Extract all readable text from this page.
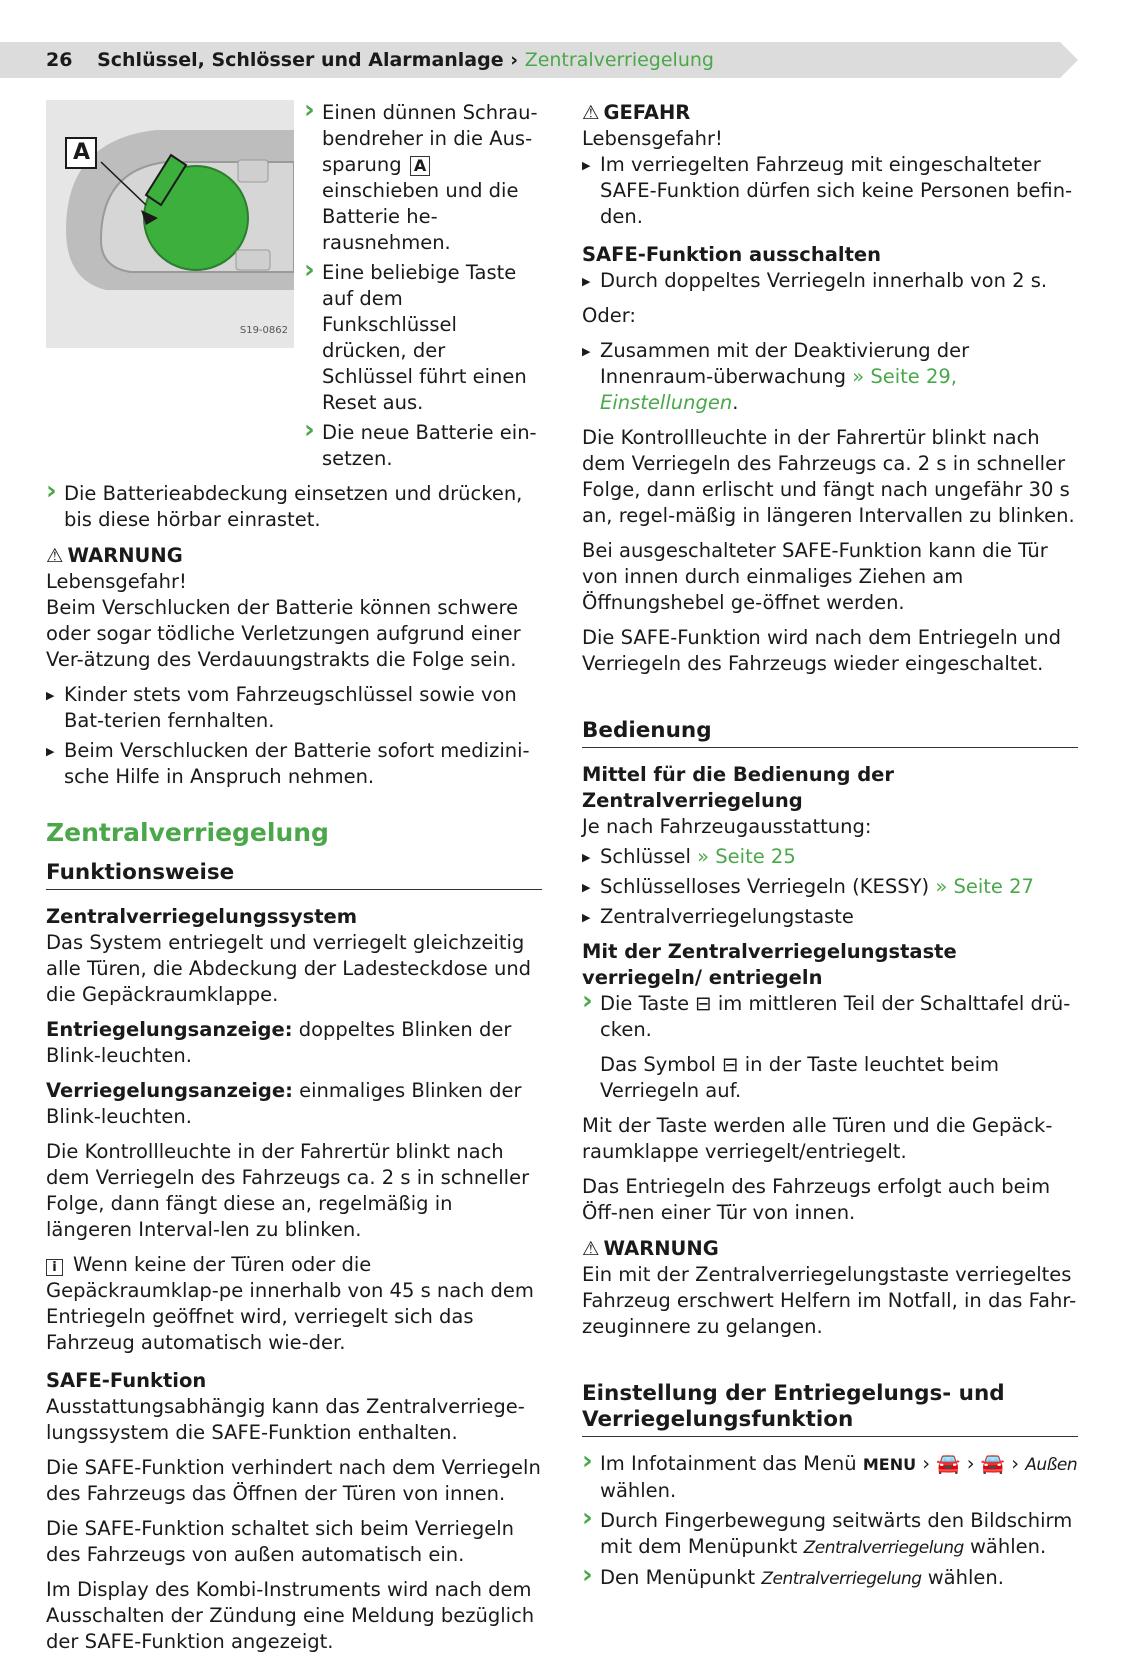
26 Schlüssel, Schlösser und Alarmanlage › Zentralverriegelung
A
S19-0862
› Einen dünnen Schrau-bendreher in die Aus-sparung A einschieben und die Batterie he-rausnehmen.
› Eine beliebige Taste auf dem Funkschlüssel drücken, der Schlüssel führt einen Reset aus.
› Die neue Batterie ein-setzen.
› Die Batterieabdeckung einsetzen und drücken, bis diese hörbar einrastet.
⚠ WARNUNG
Lebensgefahr!

Beim Verschlucken der Batterie können schwere oder sogar tödliche Verletzungen aufgrund einer Ver-ätzung des Verdauungstrakts die Folge sein.

▶ Kinder stets vom Fahrzeugschlüssel sowie von Bat-terien fernhalten.
▶ Beim Verschlucken der Batterie sofort medizini-sche Hilfe in Anspruch nehmen.
Zentralverriegelung
Funktionsweise
Zentralverriegelungssystem

Das System entriegelt und verriegelt gleichzeitig alle Türen, die Abdeckung der Ladesteckdose und die Gepäckraumklappe.

Entriegelungsanzeige: doppeltes Blinken der Blink-leuchten.

Verriegelungsanzeige: einmaliges Blinken der Blink-leuchten.

Die Kontrollleuchte in der Fahrertür blinkt nach dem Verriegeln des Fahrzeugs ca. 2 s in schneller Folge, dann fängt diese an, regelmäßig in längeren Interval-len zu blinken.

i Wenn keine der Türen oder die Gepäckraumklap-pe innerhalb von 45 s nach dem Entriegeln geöffnet wird, verriegelt sich das Fahrzeug automatisch wie-der.

SAFE-Funktion

Ausstattungsabhängig kann das Zentralverriege-lungssystem die SAFE-Funktion enthalten.

Die SAFE-Funktion verhindert nach dem Verriegeln des Fahrzeugs das Öffnen der Türen von innen.

Die SAFE-Funktion schaltet sich beim Verriegeln des Fahrzeugs von außen automatisch ein.

Im Display des Kombi-Instruments wird nach dem Ausschalten der Zündung eine Meldung bezüglich der SAFE-Funktion angezeigt.

⚠ GEFAHR
Lebensgefahr!
▶ Im verriegelten Fahrzeug mit eingeschalteter SAFE-Funktion dürfen sich keine Personen befin-den.
SAFE-Funktion ausschalten
▶ Durch doppeltes Verriegeln innerhalb von 2 s.

Oder:

▶ Zusammen mit der Deaktivierung der Innenraum-überwachung » Seite 29, Einstellungen.

Die Kontrollleuchte in der Fahrertür blinkt nach dem Verriegeln des Fahrzeugs ca. 2 s in schneller Folge, dann erlischt und fängt nach ungefähr 30 s an, regel-mäßig in längeren Intervallen zu blinken.

Bei ausgeschalteter SAFE-Funktion kann die Tür von innen durch einmaliges Ziehen am Öffnungshebel ge-öffnet werden.

Die SAFE-Funktion wird nach dem Entriegeln und Verriegeln des Fahrzeugs wieder eingeschaltet.

Bedienung
Mittel für die Bedienung der Zentralverriegelung
Je nach Fahrzeugausstattung:
▶ Schlüssel » Seite 25
▶ Schlüsselloses Verriegeln (KESSY) » Seite 27
▶ Zentralverriegelungstaste
Mit der Zentralverriegelungstaste verriegeln/ entriegeln
› Die Taste ⊟ im mittleren Teil der Schalttafel drü-cken.

Das Symbol ⊟ in der Taste leuchtet beim Verriegeln auf.

Mit der Taste werden alle Türen und die Gepäck-raumklappe verriegelt/entriegelt.

Das Entriegeln des Fahrzeugs erfolgt auch beim Öff-nen einer Tür von innen.

⚠ WARNUNG

Ein mit der Zentralverriegelungstaste verriegeltes Fahrzeug erschwert Helfern im Notfall, in das Fahr-zeuginnere zu gelangen.

Einstellung der Entriegelungs- und Verriegelungsfunktion
› Im Infotainment das Menü MENU › 🚘 › 🚘 › Außen wählen.
› Durch Fingerbewegung seitwärts den Bildschirm mit dem Menüpunkt Zentralverriegelung wählen.
› Den Menüpunkt Zentralverriegelung wählen.
